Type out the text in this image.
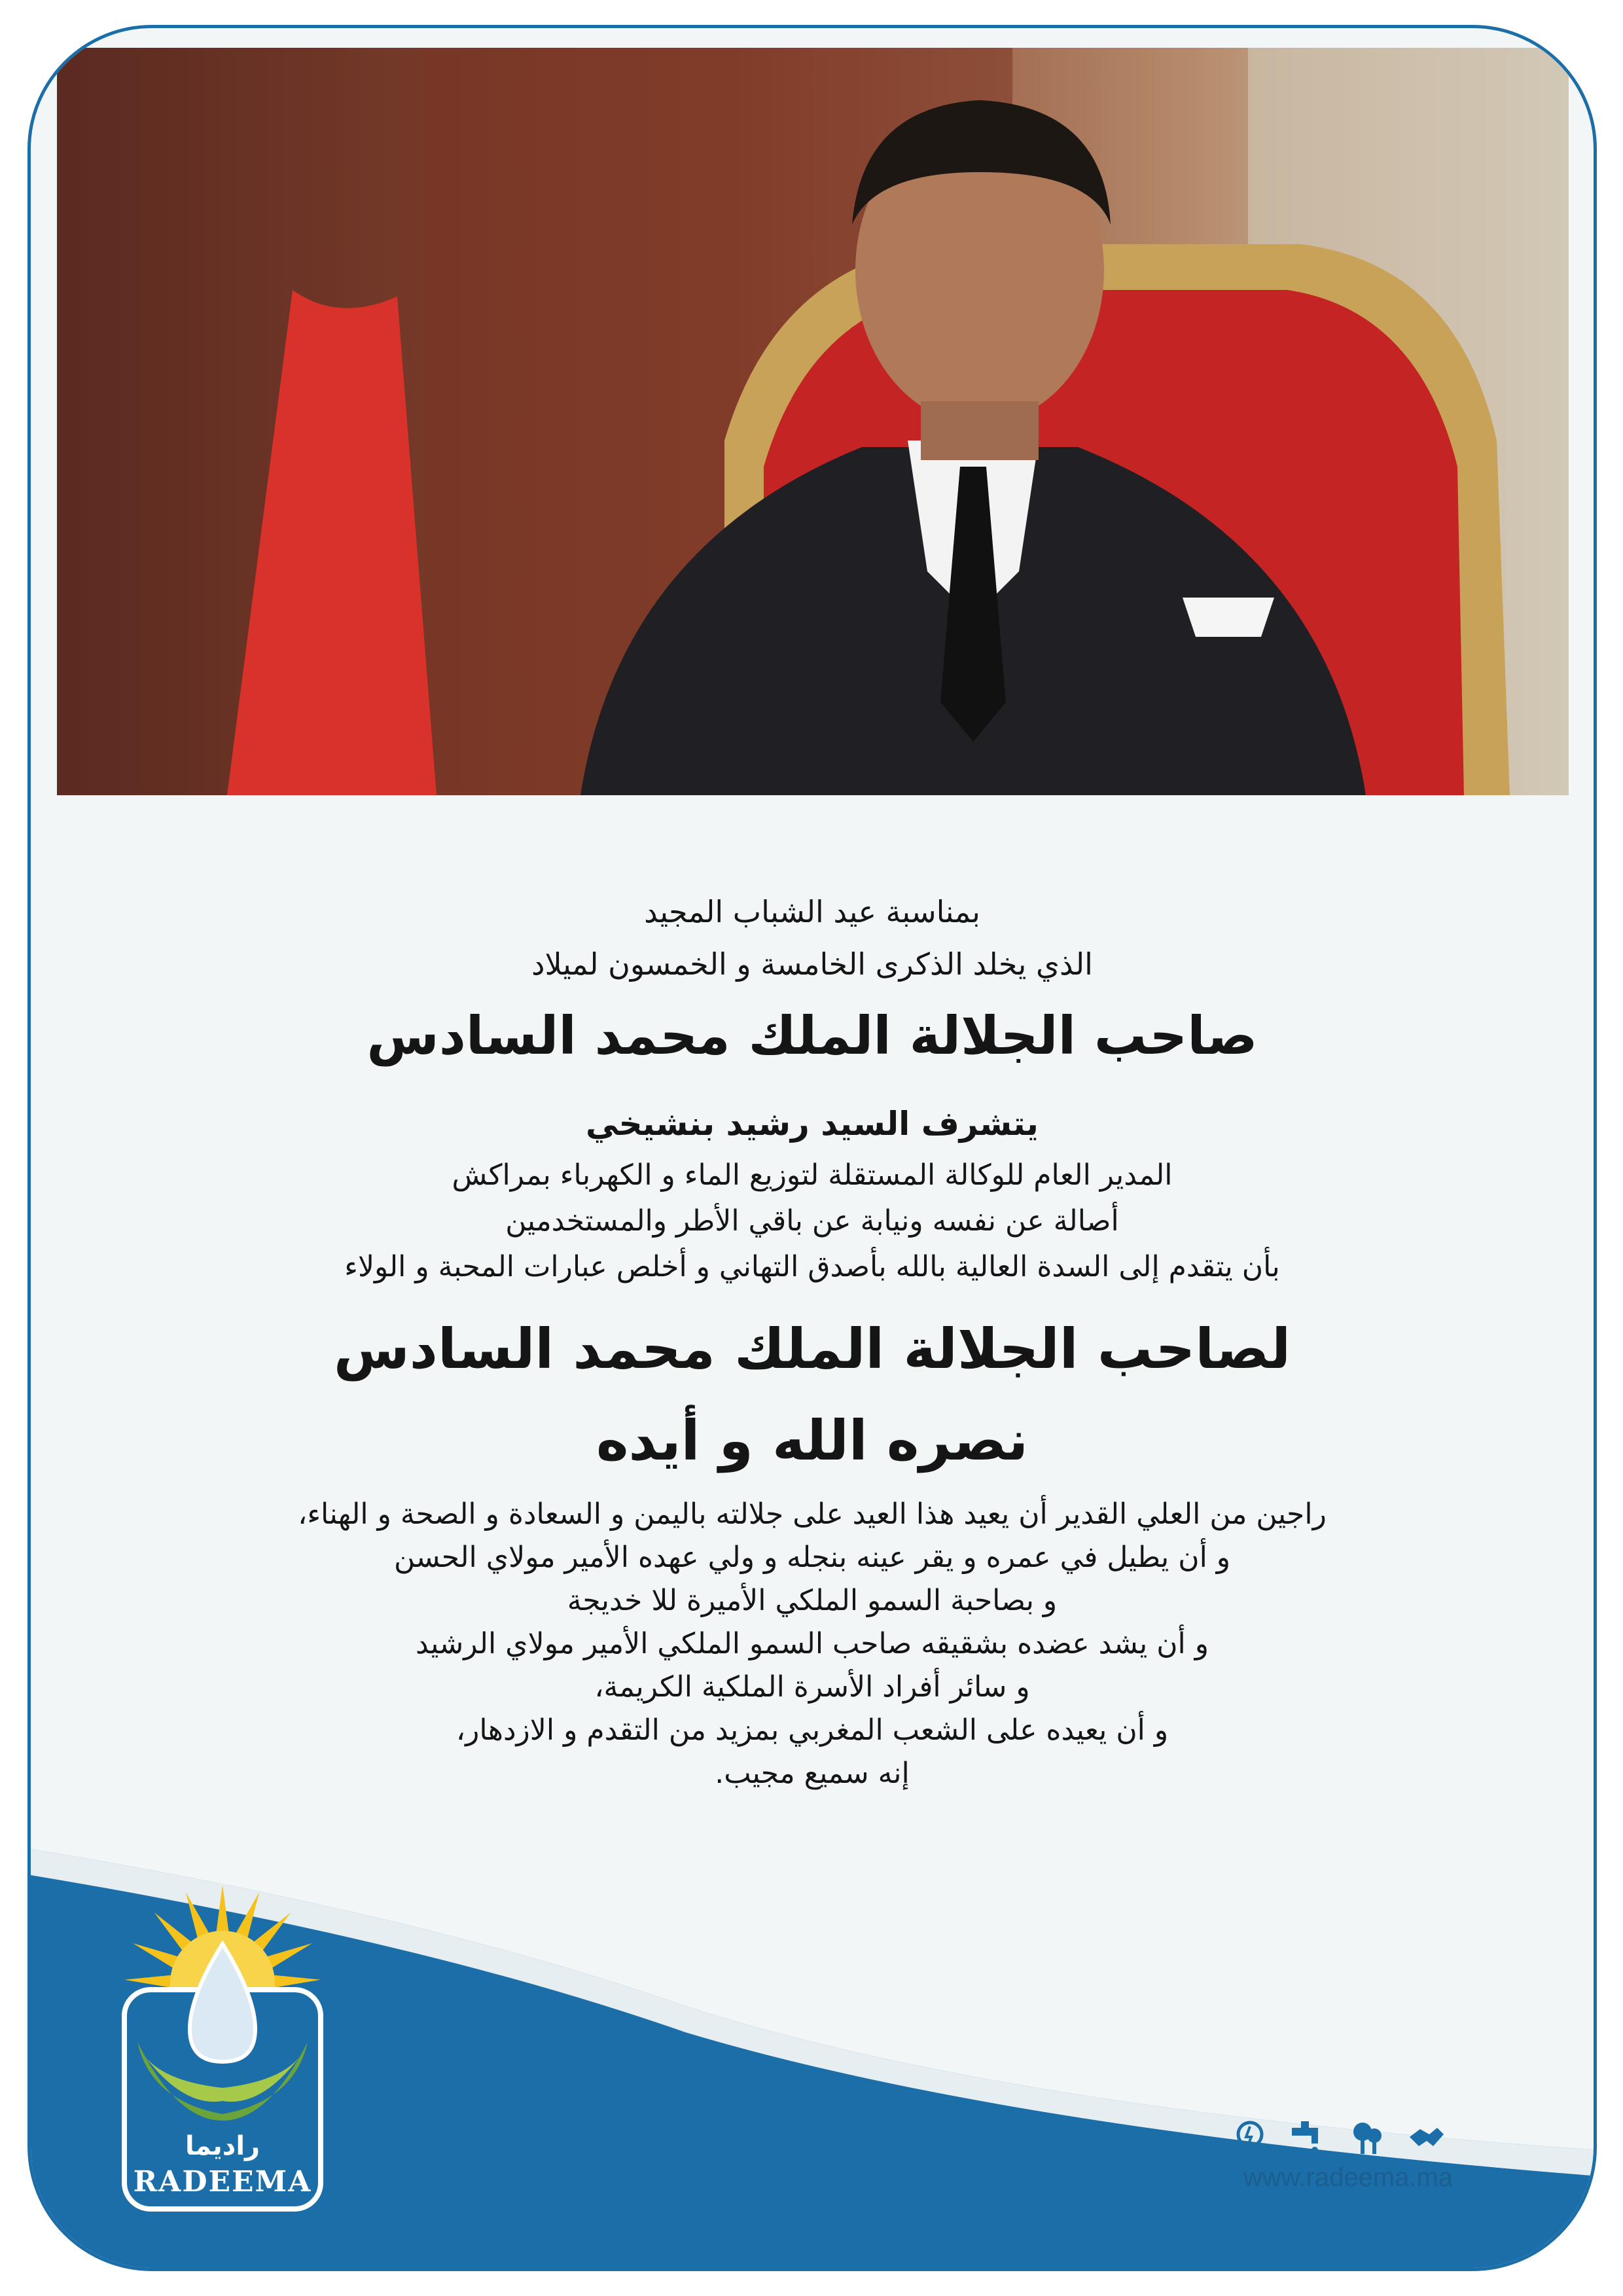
بمناسبة عيد الشباب المجيد
الذي يخلد الذكرى الخامسة و الخمسون لميلاد
صاحب الجلالة الملك محمد السادس
يتشرف السيد رشيد بنشيخي
المدير العام للوكالة المستقلة لتوزيع الماء و الكهرباء بمراكش
أصالة عن نفسه ونيابة عن باقي الأطر والمستخدمين
بأن يتقدم إلى السدة العالية بالله بأصدق التهاني و أخلص عبارات المحبة و الولاء
لصاحب الجلالة الملك محمد السادس
نصره الله و أيده
راجين من العلي القدير أن يعيد هذا العيد على جلالته باليمن و السعادة و الصحة و الهناء،
و أن يطيل في عمره و يقر عينه بنجله و ولي عهده الأمير مولاي الحسن
و بصاحبة السمو الملكي الأميرة للا خديجة
و أن يشد عضده بشقيقه صاحب السمو الملكي الأمير مولاي الرشيد
و سائر أفراد الأسرة الملكية الكريمة،
و أن يعيده على الشعب المغربي بمزيد من التقدم و الازدهار،
إنه سميع مجيب.
راديما
RADEEMA	www.radeema.ma
